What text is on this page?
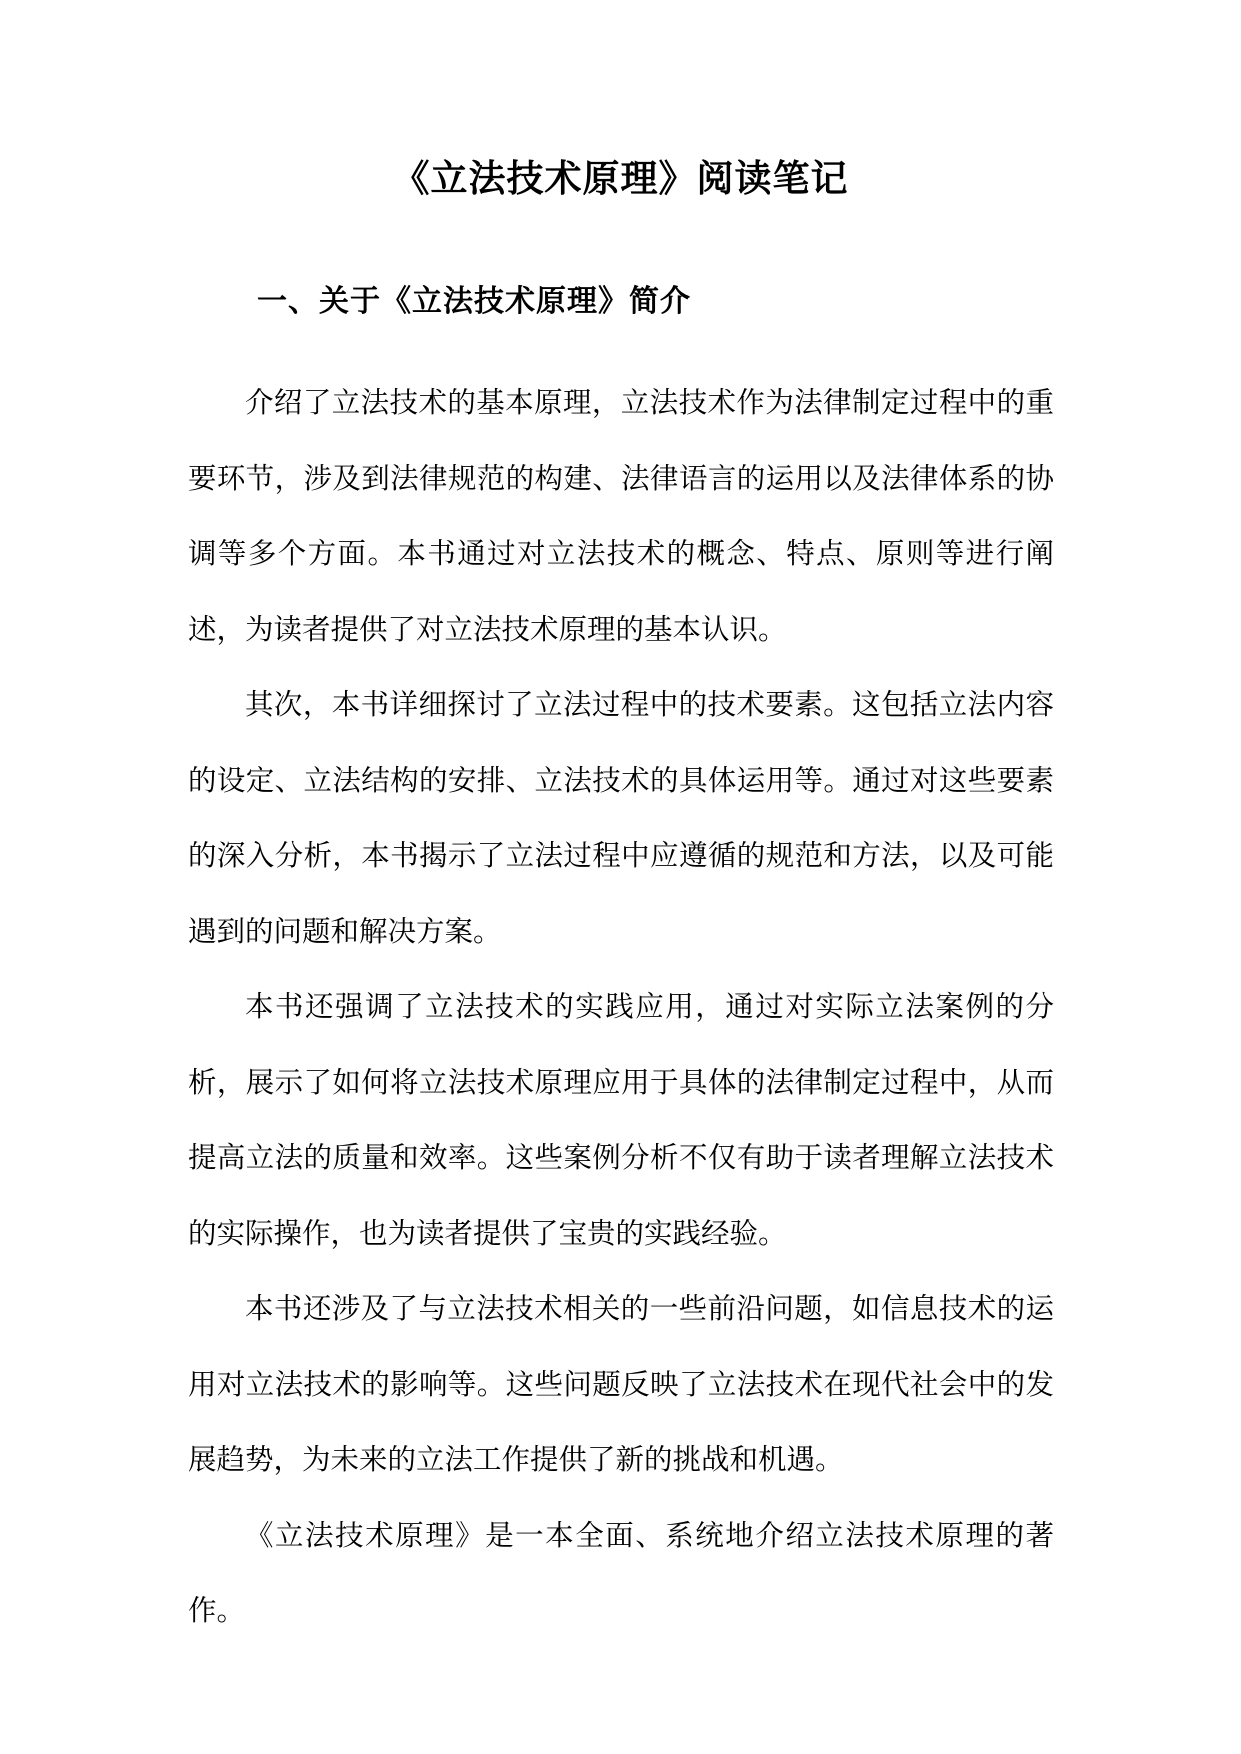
《立法技术原理》阅读笔记
一、关于《立法技术原理》简介

介绍了立法技术的基本原理，立法技术作为法律制定过程中的重要环节，涉及到法律规范的构建、法律语言的运用以及法律体系的协调等多个方面。本书通过对立法技术的概念、特点、原则等进行阐述，为读者提供了对立法技术原理的基本认识。

其次，本书详细探讨了立法过程中的技术要素。这包括立法内容的设定、立法结构的安排、立法技术的具体运用等。通过对这些要素的深入分析，本书揭示了立法过程中应遵循的规范和方法，以及可能遇到的问题和解决方案。

本书还强调了立法技术的实践应用，通过对实际立法案例的分析，展示了如何将立法技术原理应用于具体的法律制定过程中，从而提高立法的质量和效率。这些案例分析不仅有助于读者理解立法技术的实际操作，也为读者提供了宝贵的实践经验。

本书还涉及了与立法技术相关的一些前沿问题，如信息技术的运用对立法技术的影响等。这些问题反映了立法技术在现代社会中的发展趋势，为未来的立法工作提供了新的挑战和机遇。

《立法技术原理》是一本全面、系统地介绍立法技术原理的著作。
